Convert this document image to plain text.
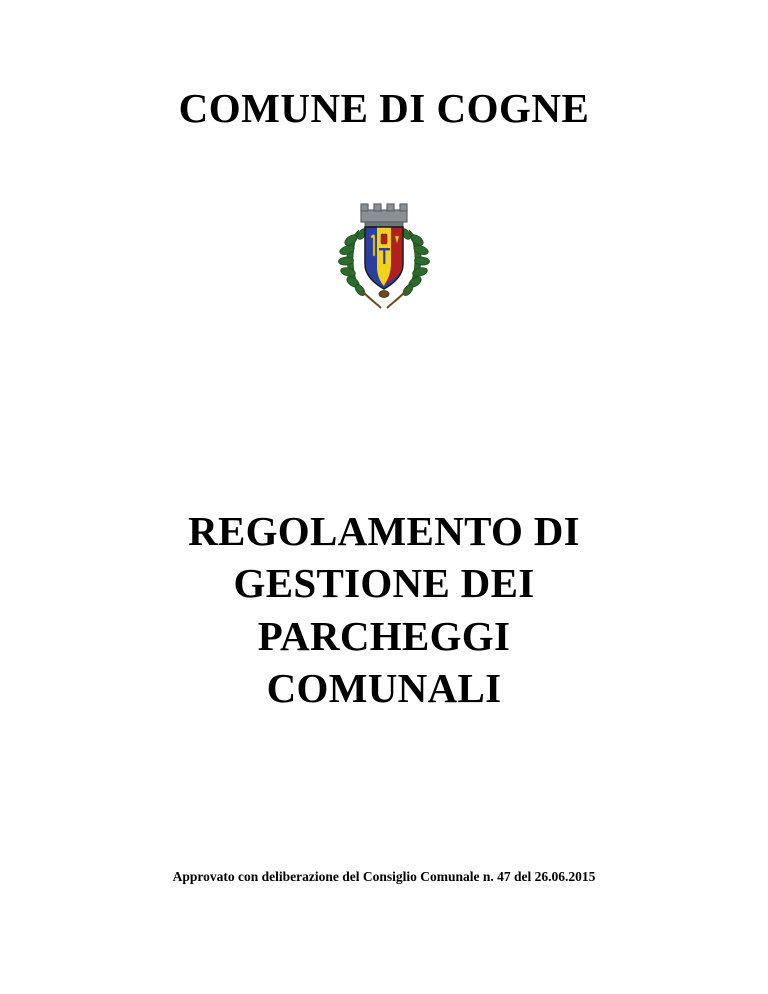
COMUNE DI COGNE
REGOLAMENTO DI
GESTIONE DEI
PARCHEGGI
COMUNALI
Approvato con deliberazione del Consiglio Comunale n. 47 del 26.06.2015
